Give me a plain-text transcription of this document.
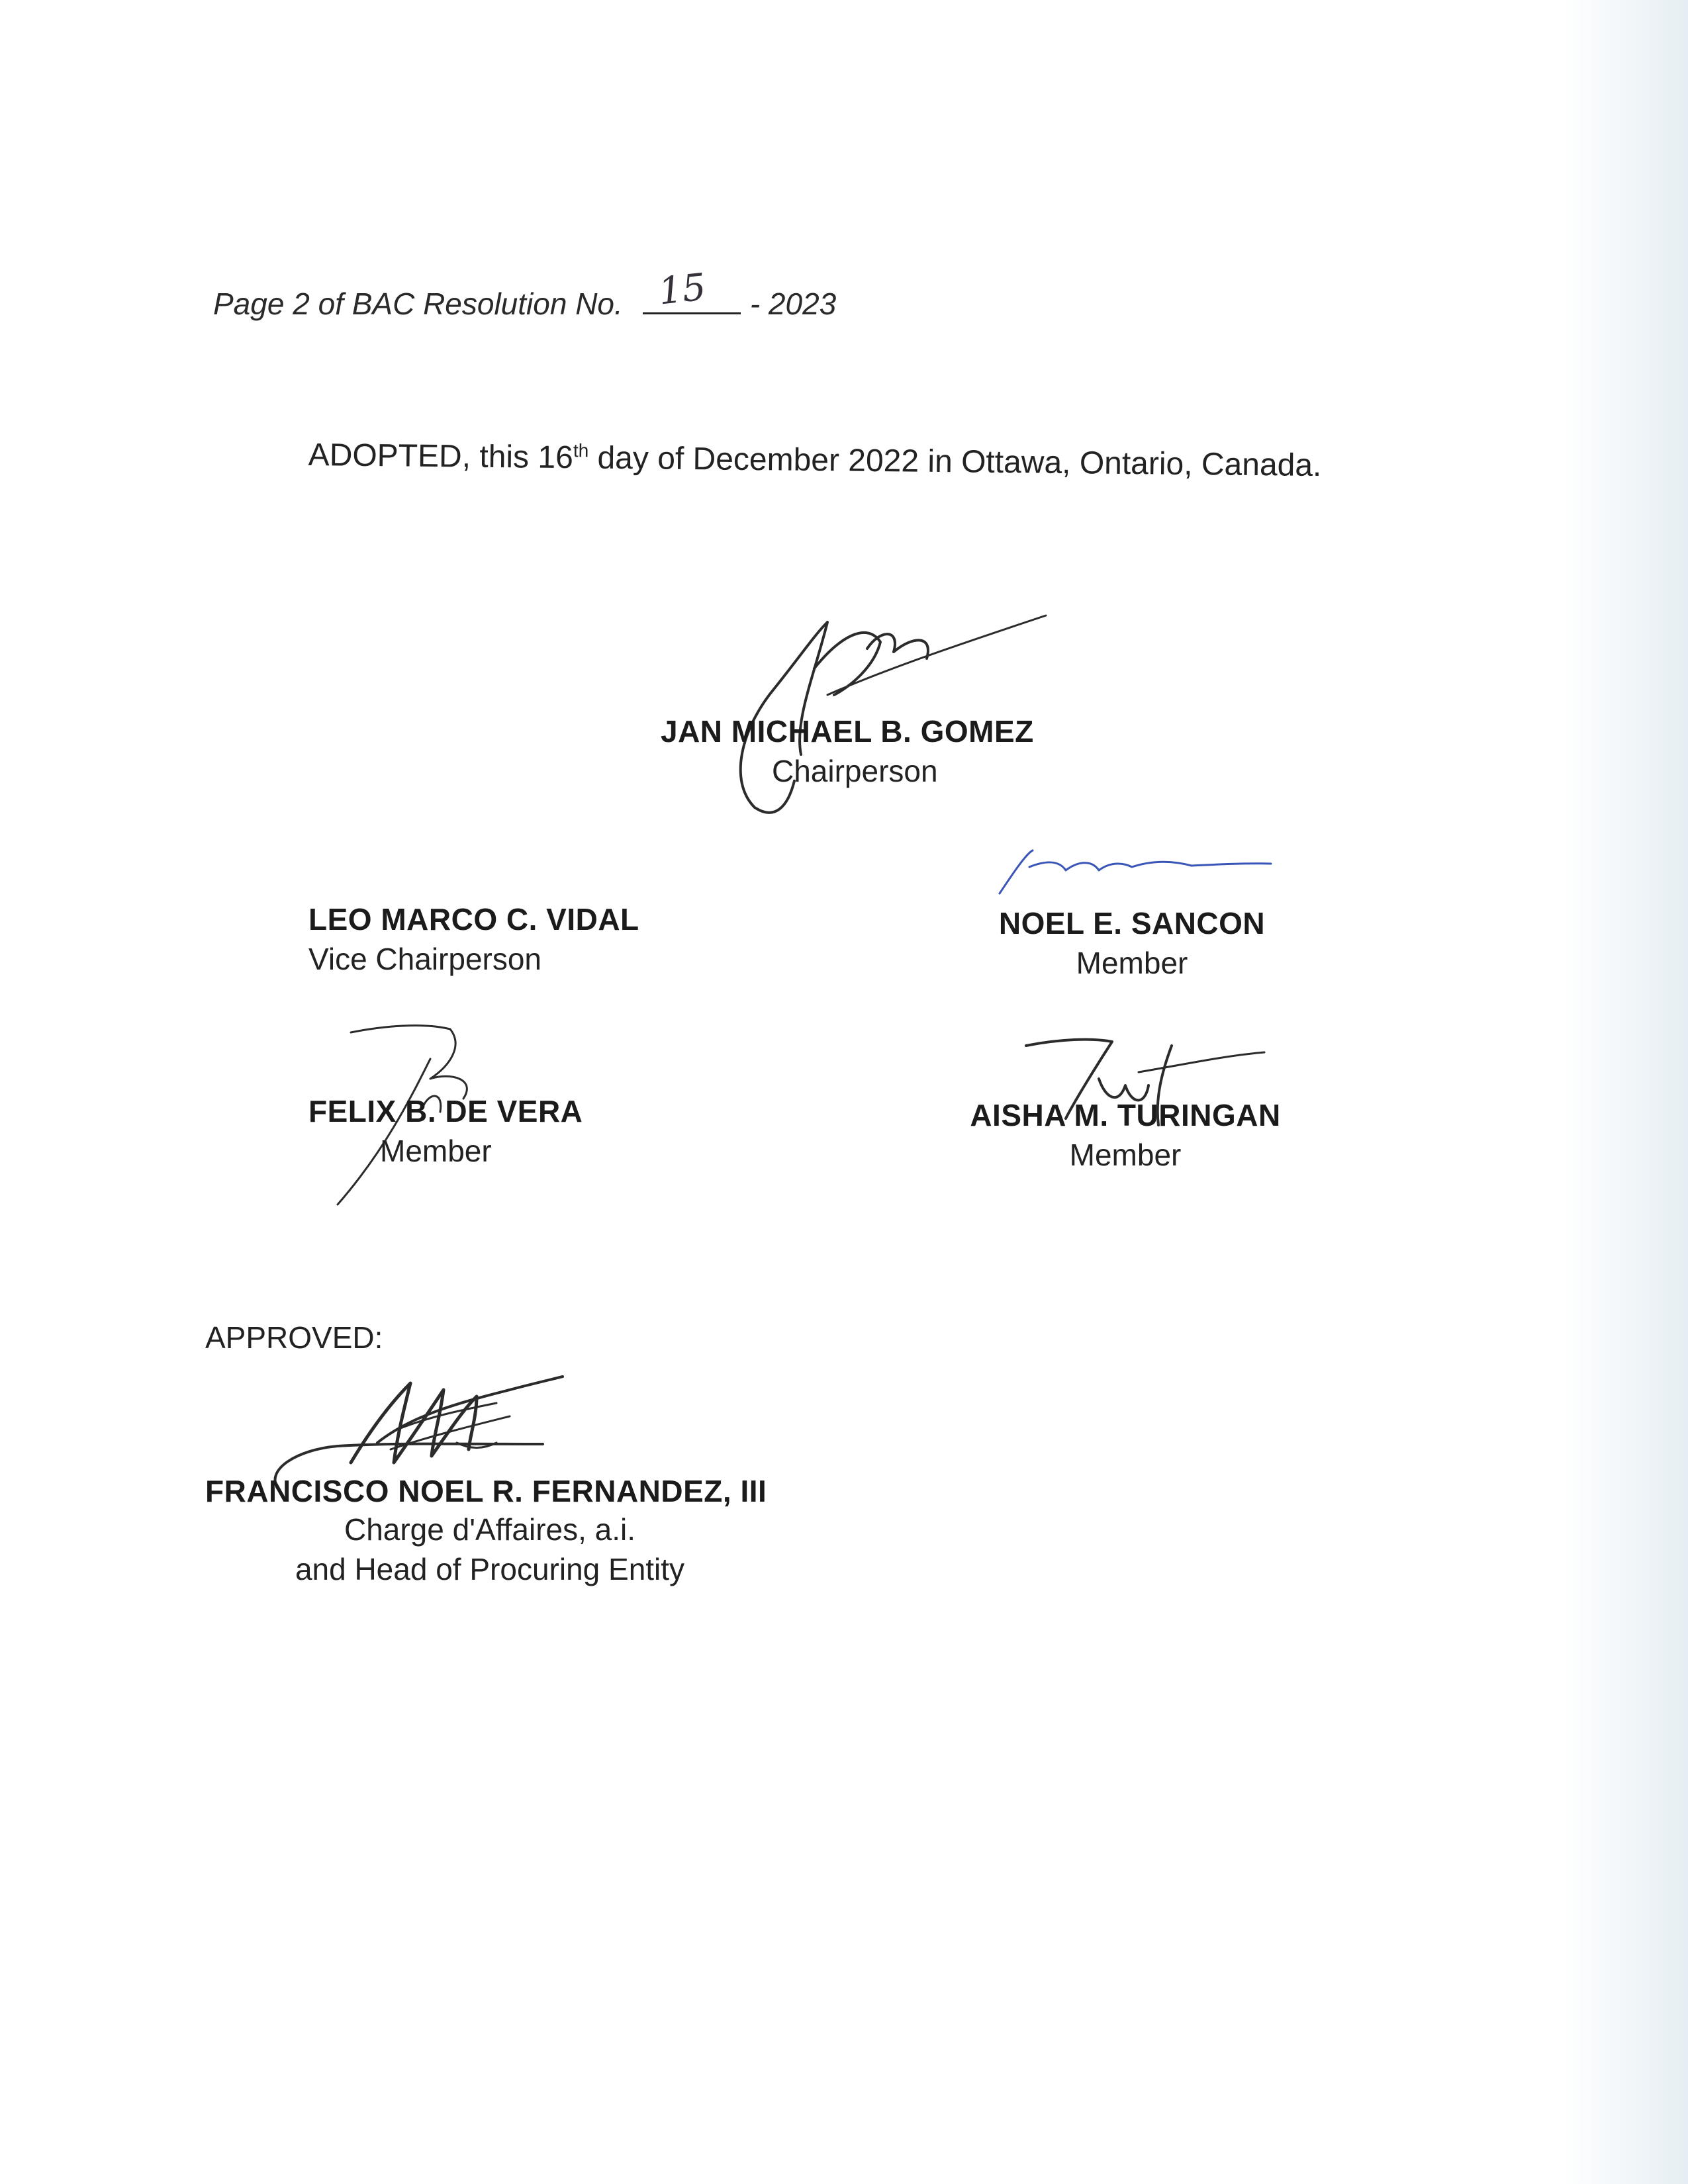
Page 2 of BAC Resolution No. 15 - 2023
ADOPTED, this 16th day of December 2022 in Ottawa, Ontario, Canada.
JAN MICHAEL B. GOMEZ
Chairperson
LEO MARCO C. VIDAL
Vice Chairperson
NOEL E. SANCON
Member
FELIX B. DE VERA
Member
AISHA M. TURINGAN
Member
APPROVED:
FRANCISCO NOEL R. FERNANDEZ, III
Charge d'Affaires, a.i.
and Head of Procuring Entity
